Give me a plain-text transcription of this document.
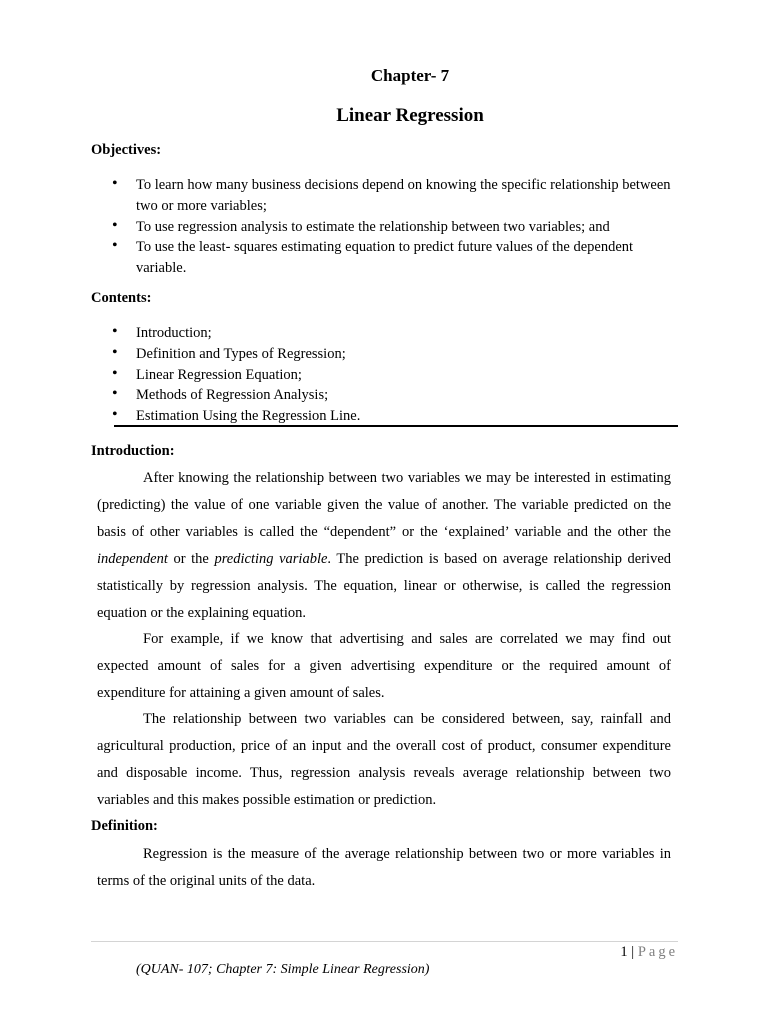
Chapter- 7
Linear Regression
Objectives:
• To learn how many business decisions depend on knowing the specific relationship between two or more variables;
• To use regression analysis to estimate the relationship between two variables; and
• To use the least- squares estimating equation to predict future values of the dependent variable.
Contents:
• Introduction;
• Definition and Types of Regression;
• Linear Regression Equation;
• Methods of Regression Analysis;
• Estimation Using the Regression Line.
Introduction:

After knowing the relationship between two variables we may be interested in estimating (predicting) the value of one variable given the value of another. The variable predicted on the basis of other variables is called the “dependent” or the ‘explained’ variable and the other the independent or the predicting variable. The prediction is based on average relationship derived statistically by regression analysis. The equation, linear or otherwise, is called the regression equation or the explaining equation.

For example, if we know that advertising and sales are correlated we may find out expected amount of sales for a given advertising expenditure or the required amount of expenditure for attaining a given amount of sales.

The relationship between two variables can be considered between, say, rainfall and agricultural production, price of an input and the overall cost of product, consumer expenditure and disposable income. Thus, regression analysis reveals average relationship between two variables and this makes possible estimation or prediction.

Definition:

Regression is the measure of the average relationship between two or more variables in terms of the original units of the data.

1 | Page
(QUAN- 107; Chapter 7: Simple Linear Regression)
